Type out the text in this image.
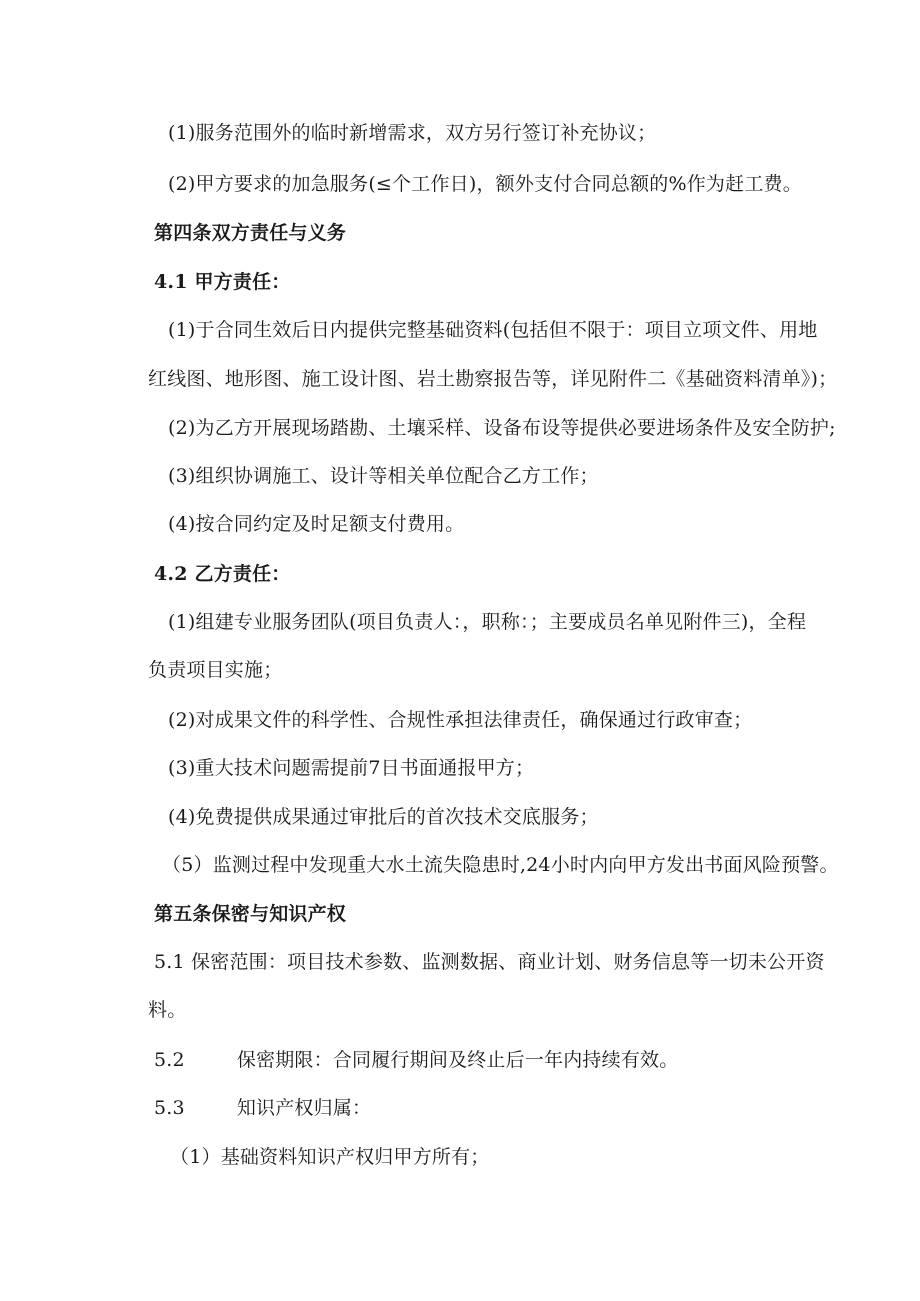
(1)服务范围外的临时新增需求，双方另行签订补充协议；
(2)甲方要求的加急服务(≤个工作日)，额外支付合同总额的%作为赶工费。
第四条双方责任与义务
4.1 甲方责任：
(1)于合同生效后日内提供完整基础资料(包括但不限于：项目立项文件、用地
红线图、地形图、施工设计图、岩土勘察报告等，详见附件二《基础资料清单》)；
(2)为乙方开展现场踏勘、土壤采样、设备布设等提供必要进场条件及安全防护;
(3)组织协调施工、设计等相关单位配合乙方工作；
(4)按合同约定及时足额支付费用。
4.2 乙方责任：
(1)组建专业服务团队(项目负责人：，职称：；主要成员名单见附件三)，全程
负责项目实施；
(2)对成果文件的科学性、合规性承担法律责任，确保通过行政审查；
(3)重大技术问题需提前7日书面通报甲方；
(4)免费提供成果通过审批后的首次技术交底服务；
（5）监测过程中发现重大水土流失隐患时,24小时内向甲方发出书面风险预警。
第五条保密与知识产权
5.1 保密范围：项目技术参数、监测数据、商业计划、财务信息等一切未公开资
料。
5.2	保密期限：合同履行期间及终止后一年内持续有效。
5.3	知识产权归属：
（1）基础资料知识产权归甲方所有；
